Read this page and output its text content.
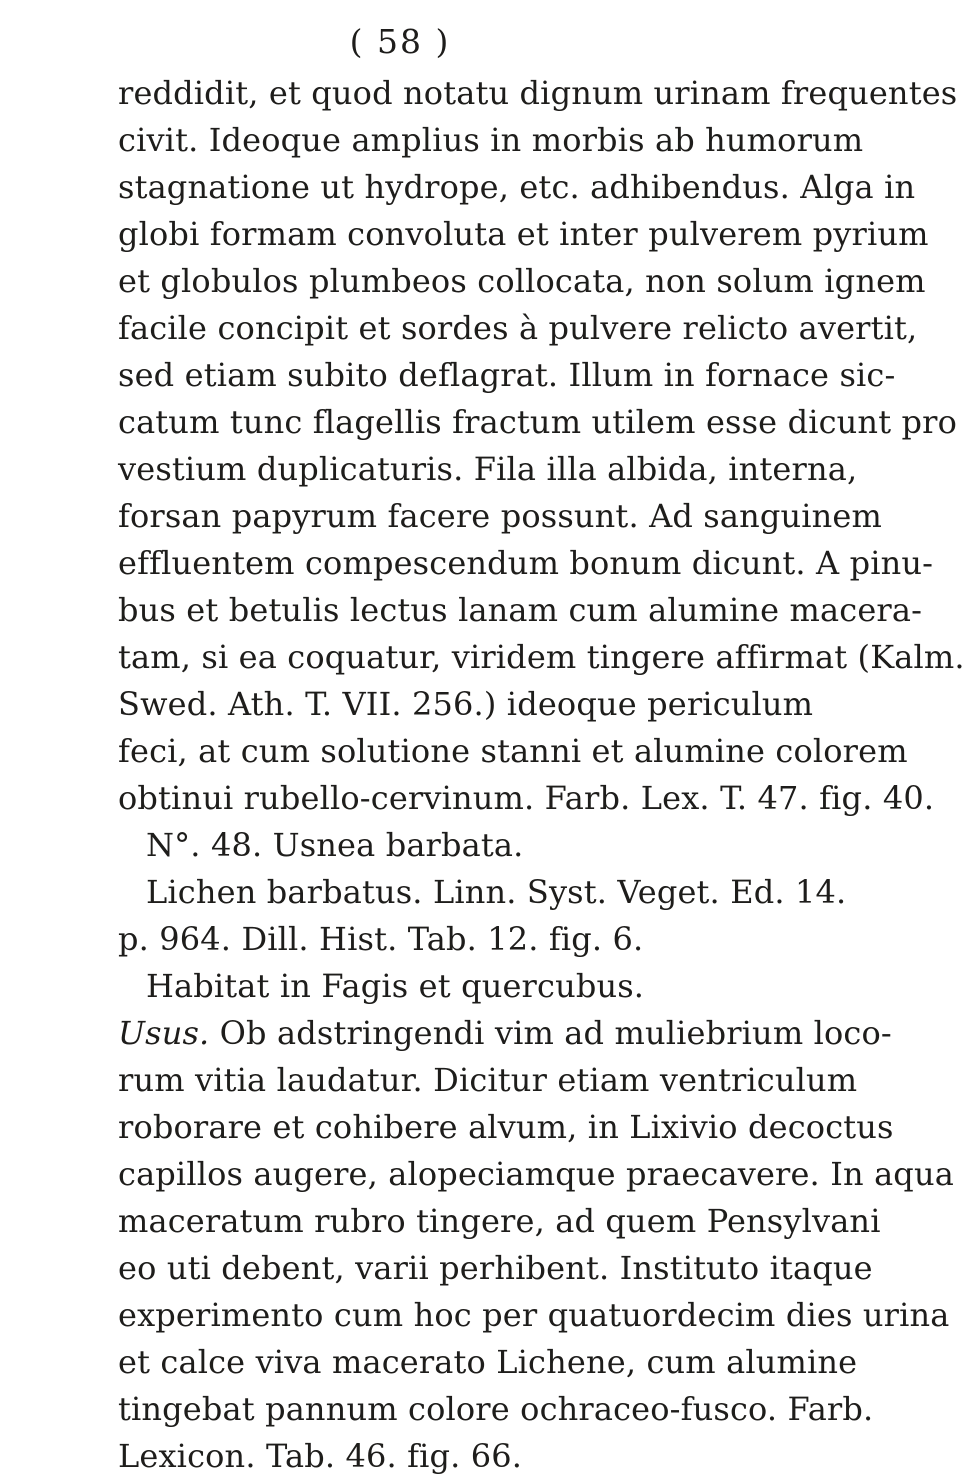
( 58 )
reddidit, et quod notatu dignum urinam frequentes
civit. Ideoque amplius in morbis ab humorum
stagnatione ut hydrope, etc. adhibendus. Alga in
globi formam convoluta et inter pulverem pyrium
et globulos plumbeos collocata, non solum ignem
facile concipit et sordes à pulvere relicto avertit,
sed etiam subito deflagrat. Illum in fornace sic-
catum tunc flagellis fractum utilem esse dicunt pro
vestium duplicaturis. Fila illa albida, interna,
forsan papyrum facere possunt. Ad sanguinem
effluentem compescendum bonum dicunt. A pinu-
bus et betulis lectus lanam cum alumine macera-
tam, si ea coquatur, viridem tingere affirmat (Kalm.
Swed. Ath. T. VII. 256.) ideoque periculum
feci, at cum solutione stanni et alumine colorem
obtinui rubello-cervinum. Farb. Lex. T. 47. fig. 40.
N°. 48. Usnea barbata.
Lichen barbatus. Linn. Syst. Veget. Ed. 14.
p. 964. Dill. Hist. Tab. 12. fig. 6.
Habitat in Fagis et quercubus.
Usus. Ob adstringendi vim ad muliebrium loco-
rum vitia laudatur. Dicitur etiam ventriculum
roborare et cohibere alvum, in Lixivio decoctus
capillos augere, alopeciamque praecavere. In aqua
maceratum rubro tingere, ad quem Pensylvani
eo uti debent, varii perhibent. Instituto itaque
experimento cum hoc per quatuordecim dies urina
et calce viva macerato Lichene, cum alumine
tingebat pannum colore ochraceo-fusco. Farb.
Lexicon. Tab. 46. fig. 66.
